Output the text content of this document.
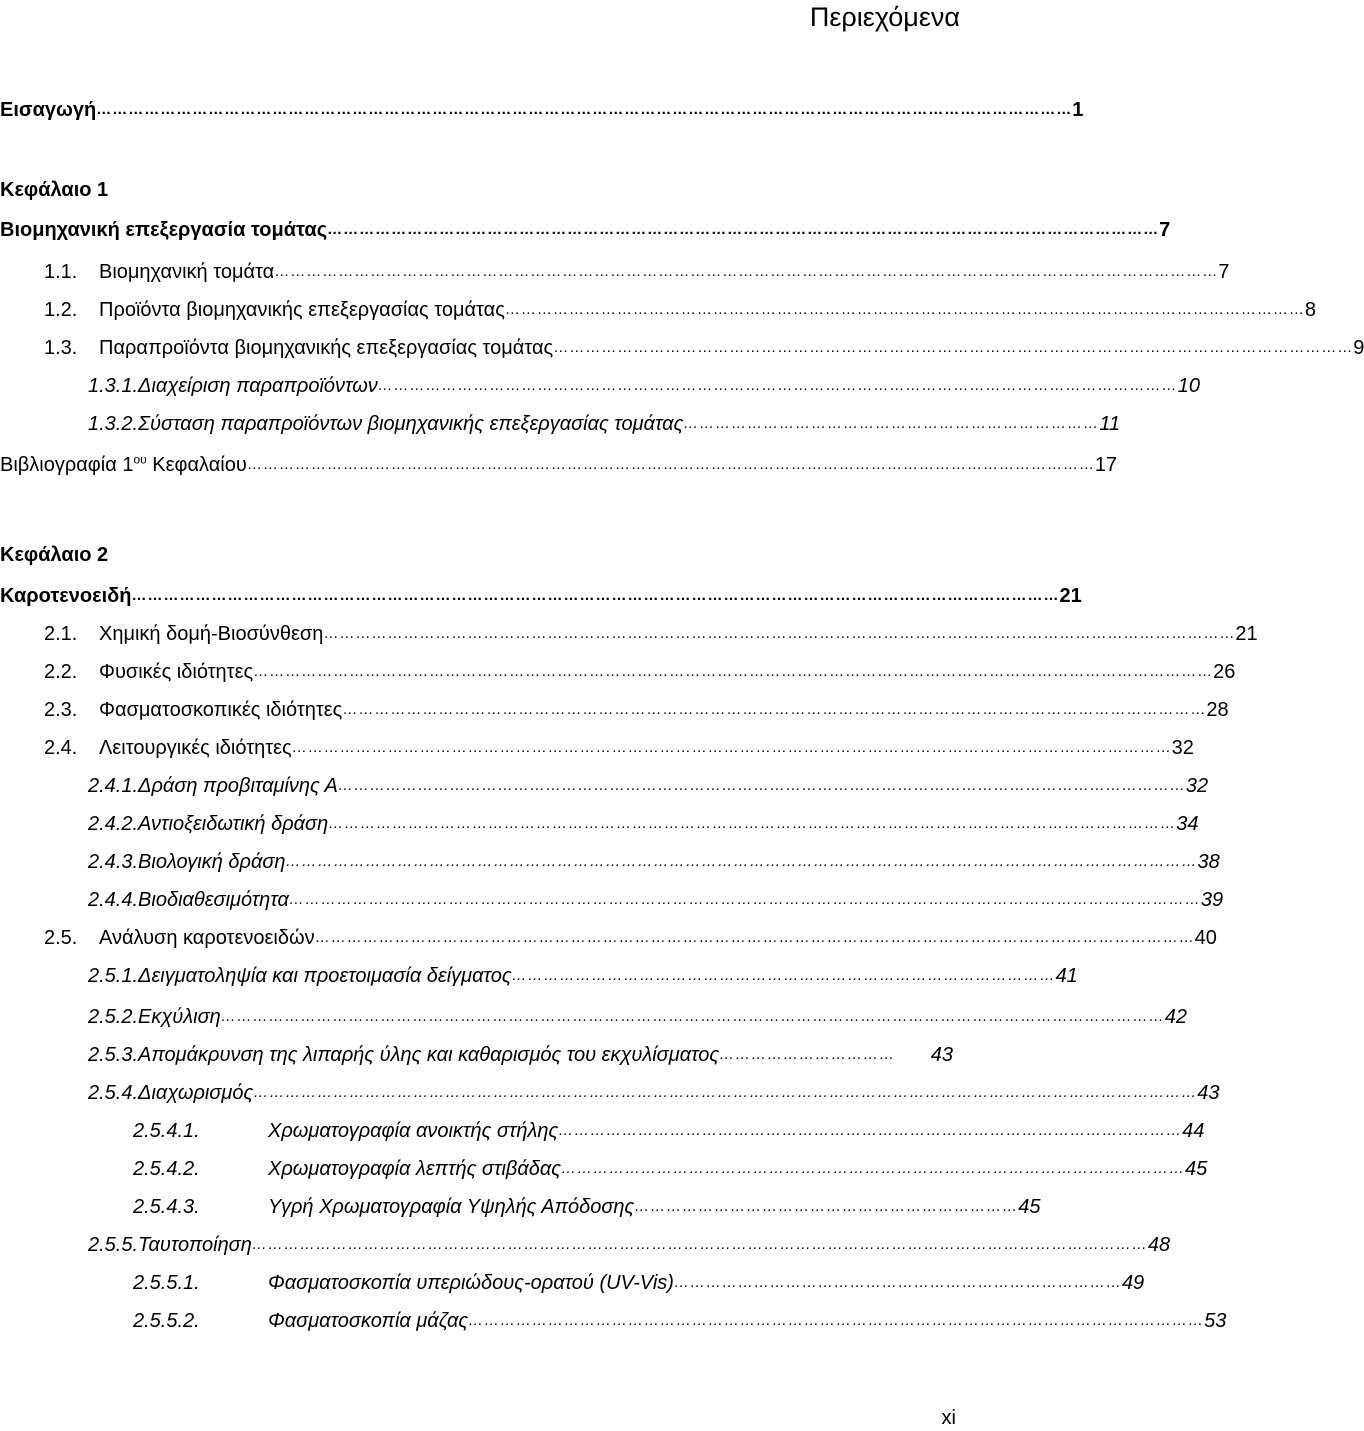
Περιεχόμενα
Εισαγωγή ………………………………………………………………………………………………………………………………………………………………… 1
Κεφάλαιο 1
Βιομηχανική επεξεργασία τομάτας ………………………………………………………………………………………………………………………………………… 7
1.1. Βιομηχανική τομάτα …………………………………………………………………………………………………………………………………………………………… 7
1.2. Προϊόντα βιομηχανικής επεξεργασίας τομάτας …………………………………………………………………………………………………………………………………… 8
1.3. Παραπροϊόντα βιομηχανικής επεξεργασίας τομάτας …………………………………………………………………………………………………………………………………… 9
1.3.1.Διαχείριση παραπροϊόντων …………………………………………………………………………………………………………………………………… 10
1.3.2.Σύσταση παραπροϊόντων βιομηχανικής επεξεργασίας τομάτας …………………………………………………………………… 11
Βιβλιογραφία $1^{o\upsilon}$ Κεφαλαίου …………………………………………………………………………………………………………………………………………… 17
Κεφάλαιο 2
Καροτενοειδή ………………………………………………………………………………………………………………………………………………………… 21
2.1. Χημική δομή-Βιοσύνθεση ……………………………………………………………………………………………………………………………………………………… 21
2.2. Φυσικές ιδιότητες ……………………………………………………………………………………………………………………………………………………………… 26
2.3. Φασματοσκοπικές ιδιότητες ……………………………………………………………………………………………………………………………………………… 28
2.4. Λειτουργικές ιδιότητες ………………………………………………………………………………………………………………………………………………… 32
2.4.1.Δράση προβιταμίνης Α …………………………………………………………………………………………………………………………………………… 32
2.4.2.Αντιοξειδωτική δράση …………………………………………………………………………………………………………………………………………… 34
2.4.3.Βιολογική δράση ……………………………………………………………………………………………………………………………………………………… 38
2.4.4.Βιοδιαθεσιμότητα ……………………………………………………………………………………………………………………………………………………… 39
2.5. Ανάλυση καροτενοειδών ………………………………………………………………………………………………………………………………………………… 40
2.5.1.Δειγματοληψία και προετοιμασία δείγματος ………………………………………………………………………………………… 41
2.5.2.Εκχύλιση …………………………………………………………………………………………………………………………………………………………… 42
2.5.3.Απομάκρυνση της λιπαρής ύλης και καθαρισμός του εκχυλίσματος ……………………………	43
2.5.4.Διαχωρισμός …………………………………………………………………………………………………………………………………………………………… 43
2.5.4.1.	Χρωματογραφία ανοικτής στήλης ……………………………………………………………………………………………………… 44
2.5.4.2.	Χρωματογραφία λεπτής στιβάδας ……………………………………………………………………………………………………… 45
2.5.4.3.	Υγρή Χρωματογραφία Υψηλής Απόδοσης ……………………………………………………………… 45
2.5.5.Ταυτοποίηση …………………………………………………………………………………………………………………………………………………… 48
2.5.5.1.	Φασματοσκοπία υπεριώδους-ορατού (UV-Vis) ………………………………………………………………………… 49
2.5.5.2.	Φασματοσκοπία μάζας ………………………………………………………………………………………………………………………… 53
xi
